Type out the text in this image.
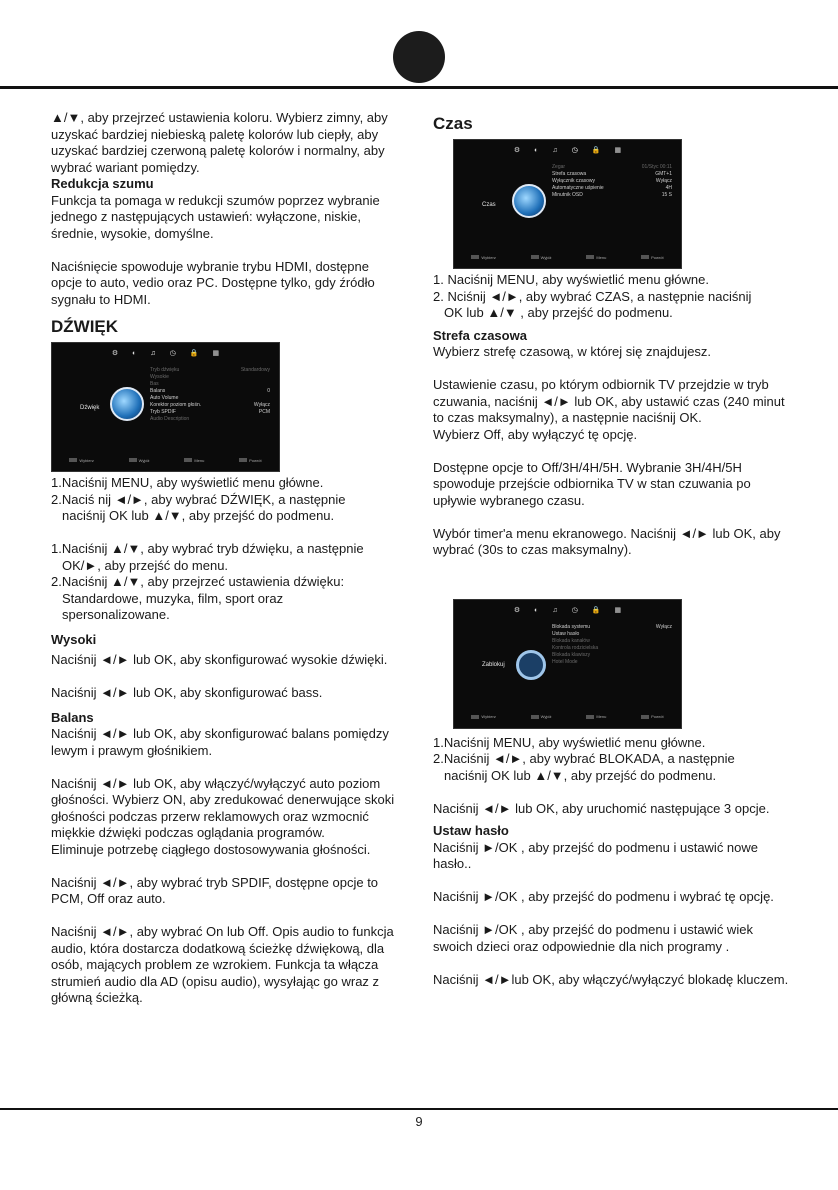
▲/▼, aby przejrzeć ustawienia koloru. Wybierz zimny, aby uzyskać bardziej niebieską paletę kolorów lub ciepły, aby uzyskać bardziej czerwoną paletę kolorów i normalny, aby wybrać wariant pomiędzy.

Redukcja szumu

Funkcja ta pomaga w redukcji szumów poprzez wybranie jednego z następujących ustawień: wyłączone, niskie, średnie, wysokie, domyślne.

Naciśnięcie spowoduje wybranie trybu HDMI, dostępne opcje to auto, vedio oraz PC. Dostępne tylko, gdy źródło sygnału to HDMI.

DŹWIĘK

⚙ ◐ ♫ ◷ 🔒 ▦
Dźwięk
Tryb dźwięku	Standardowy
Wysokie
Bas
Balans	0
Auto Volume
Korektor poziom głośn.	Wyłącz
Tryb SPDIF	PCM
Audio Description
Wybierz	Wyjdź	Menu	Powrót

1.Naciśnij MENU, aby wyświetlić menu główne.

2.Naciś nij ◄/►, aby wybrać DŹWIĘK, a następnie

naciśnij OK lub ▲/▼, aby przejść do podmenu.

1.Naciśnij ▲/▼, aby wybrać tryb dźwięku, a następnie

OK/►, aby przejść do menu.

2.Naciśnij ▲/▼, aby przejrzeć ustawienia dźwięku:

Standardowe, muzyka, film, sport oraz

spersonalizowane.

Wysoki

Naciśnij ◄/► lub OK, aby skonfigurować wysokie dźwięki.

Naciśnij ◄/► lub OK, aby skonfigurować bass.

Balans

Naciśnij ◄/► lub OK, aby skonfigurować balans pomiędzy lewym i prawym głośnikiem.

Naciśnij ◄/► lub OK, aby włączyć/wyłączyć auto poziom głośności. Wybierz ON, aby zredukować denerwujące skoki głośności podczas przerw reklamowych oraz wzmocnić miękkie dźwięki podczas oglądania programów.

Eliminuje potrzebę ciągłego dostosowywania głośności.

Naciśnij ◄/►, aby wybrać tryb SPDIF, dostępne opcje to PCM, Off oraz auto.

Naciśnij ◄/►, aby wybrać On lub Off. Opis audio to funkcja audio, która dostarcza dodatkową ścieżkę dźwiękową, dla osób, mających problem ze wzrokiem. Funkcja ta włącza strumień audio dla AD (opisu audio), wysyłając go wraz z główną ścieżką.

Czas

⚙ ◐ ♫ ◷ 🔒 ▦
Czas
Zegar	01/Styc 00:11
Strefa czasowa	GMT+1
Wyłącznik czasowy	Wyłącz
Automatyczne uśpienie	4H
Minutnik OSD	15 S
Wybierz	Wyjdź	Menu	Powrót

1. Naciśnij MENU, aby wyświetlić menu główne.

2. Nciśnij ◄/►, aby wybrać CZAS, a następnie naciśnij

OK lub ▲/▼ , aby przejść do podmenu.

Strefa czasowa

Wybierz strefę czasową, w której się znajdujesz.

Ustawienie czasu, po którym odbiornik TV przejdzie w tryb czuwania, naciśnij ◄/► lub OK, aby ustawić czas (240 minut to czas maksymalny), a następnie naciśnij OK.

Wybierz Off, aby wyłączyć tę opcję.

Dostępne opcje to Off/3H/4H/5H. Wybranie 3H/4H/5H spowoduje przejście odbiornika TV w stan czuwania po upływie wybranego czasu.

Wybór timer'a menu ekranowego. Naciśnij ◄/► lub OK, aby wybrać (30s to czas maksymalny).

⚙ ◐ ♫ ◷ 🔒 ▦
Zablokuj
Blokada systemu	Wyłącz
Ustaw hasło
Blokada kanałów
Kontrola rodzicielska
Blokada klawiszy
Hotel Mode
Wybierz	Wyjdź	Menu	Powrót

1.Naciśnij MENU, aby wyświetlić menu główne.

2.Naciśnij ◄/►, aby wybrać BLOKADA, a następnie

naciśnij OK lub ▲/▼, aby przejść do podmenu.

Naciśnij ◄/► lub OK, aby uruchomić następujące 3 opcje.

Ustaw hasło

Naciśnij ►/OK , aby przejść do podmenu i ustawić nowe hasło..

Naciśnij ►/OK , aby przejść do podmenu i wybrać tę opcję.

Naciśnij ►/OK , aby przejść do podmenu i ustawić wiek swoich dzieci oraz odpowiednie dla nich programy .

Naciśnij ◄/►lub OK, aby włączyć/wyłączyć blokadę kluczem.

9
